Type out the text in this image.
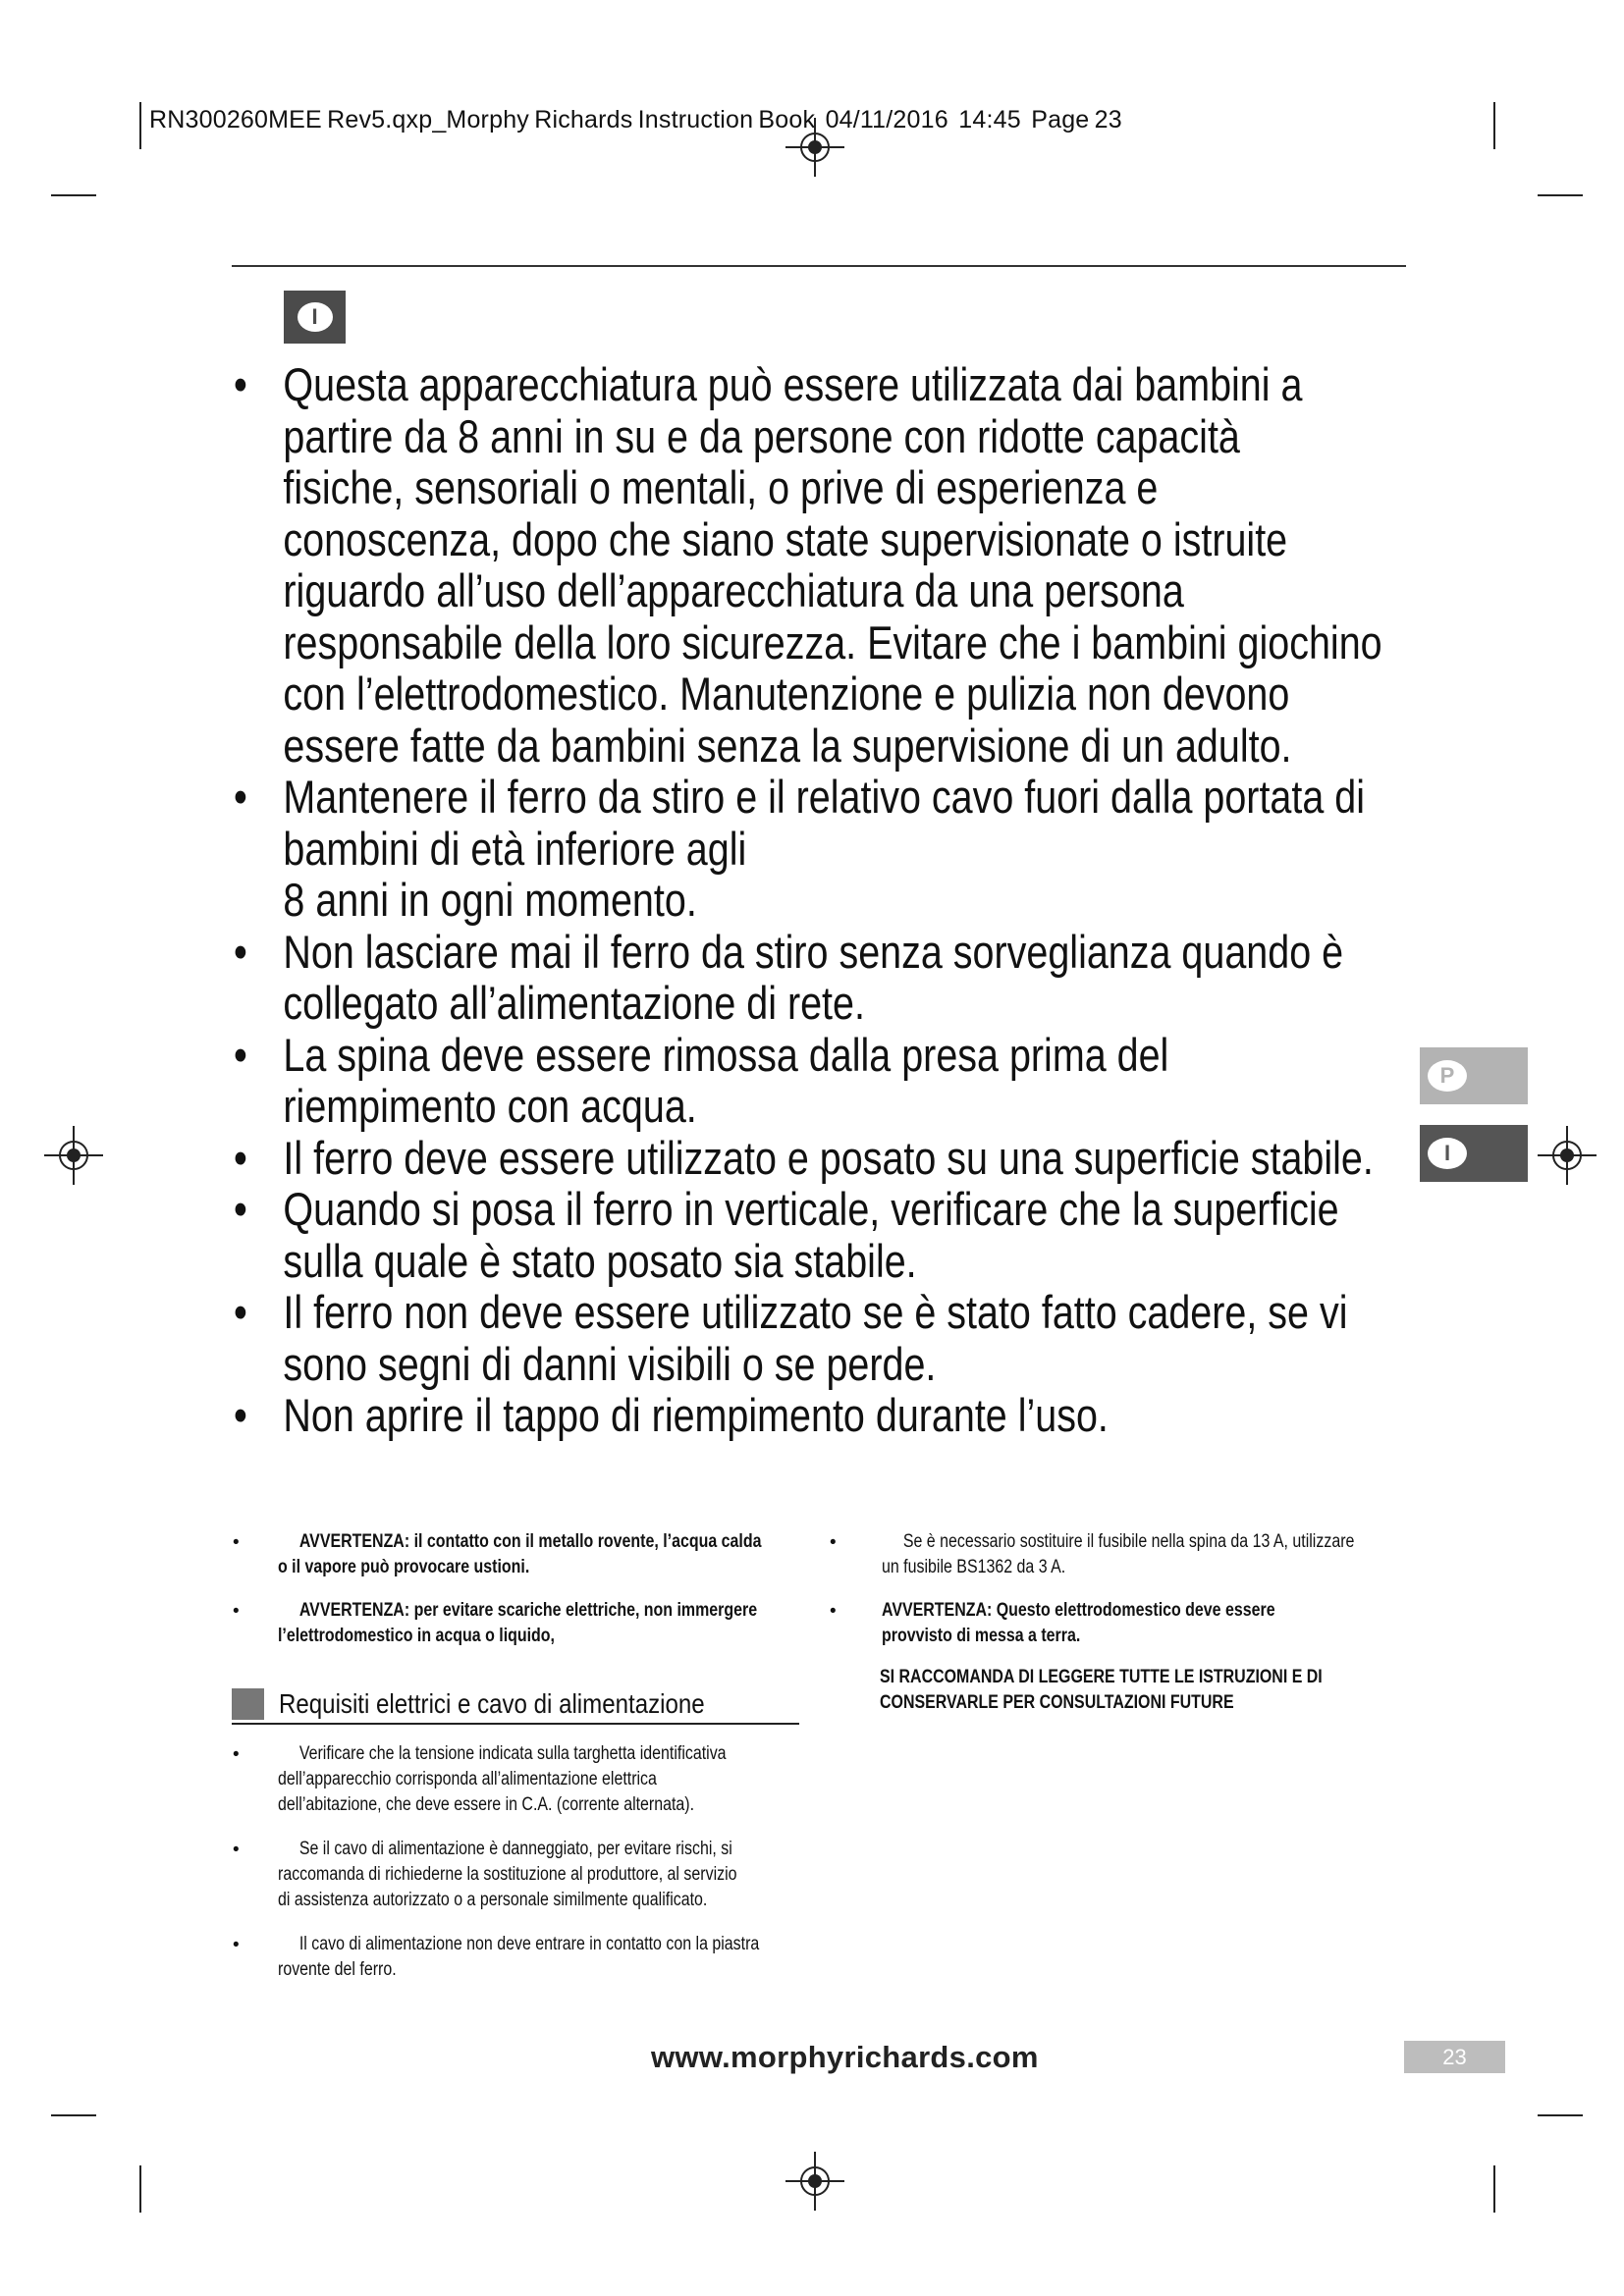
RN300260MEE Rev5.qxp_Morphy Richards Instruction Book  04/11/2016  14:45  Page 23
I
P
I
• Questa apparecchiatura può essere utilizzata dai bambini a
partire da 8 anni in su e da persone con ridotte capacità
fisiche, sensoriali o mentali, o prive di esperienza e
conoscenza, dopo che siano state supervisionate o istruite
riguardo all’uso dell’apparecchiatura da una persona
responsabile della loro sicurezza. Evitare che i bambini giochino
con l’elettrodomestico. Manutenzione e pulizia non devono
essere fatte da bambini senza la supervisione di un adulto.
• Mantenere il ferro da stiro e il relativo cavo fuori dalla portata di
bambini di età inferiore agli
8 anni in ogni momento.
• Non lasciare mai il ferro da stiro senza sorveglianza quando è
collegato all’alimentazione di rete.
• La spina deve essere rimossa dalla presa prima del
riempimento con acqua.
• Il ferro deve essere utilizzato e posato su una superficie stabile.
• Quando si posa il ferro in verticale, verificare che la superficie
sulla quale è stato posato sia stabile.
• Il ferro non deve essere utilizzato se è stato fatto cadere, se vi
sono segni di danni visibili o se perde.
• Non aprire il tappo di riempimento durante l’uso.
•	AVVERTENZA: il contatto con il metallo rovente, l’acqua calda
o il vapore può provocare ustioni.
•
•	AVVERTENZA: per evitare scariche elettriche, non immergere
l’elettrodomestico in acqua o liquido,
•
Requisiti elettrici e cavo di alimentazione
•	Verificare che la tensione indicata sulla targhetta identificativa
dell’apparecchio corrisponda all’alimentazione elettrica
dell’abitazione, che deve essere in C.A. (corrente alternata).
•	Se il cavo di alimentazione è danneggiato, per evitare rischi, si
raccomanda di richiederne la sostituzione al produttore, al servizio
di assistenza autorizzato o a personale similmente qualificato.
•	Il cavo di alimentazione non deve entrare in contatto con la piastra
rovente del ferro.
Se è necessario sostituire il fusibile nella spina da 13 A, utilizzare
un fusibile BS1362 da 3 A.
AVVERTENZA: Questo elettrodomestico deve essere
provvisto di messa a terra.
SI RACCOMANDA DI LEGGERE TUTTE LE ISTRUZIONI E DI
CONSERVARLE PER CONSULTAZIONI FUTURE
www.morphyrichards.com	23
